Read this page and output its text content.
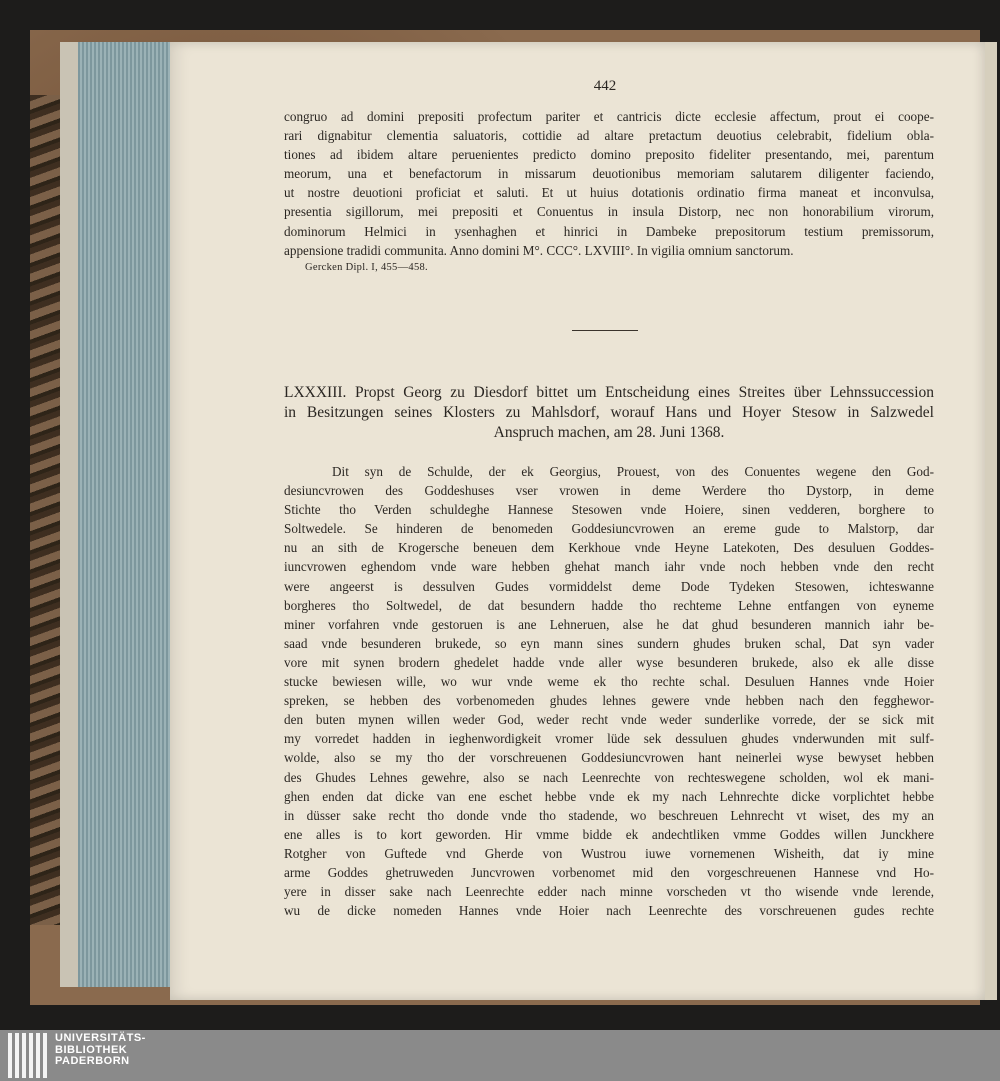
442

congruo ad domini prepositi profectum pariter et cantricis dicte ecclesie affectum, prout ei coope-

rari dignabitur clementia saluatoris, cottidie ad altare pretactum deuotius celebrabit, fidelium obla-

tiones ad ibidem altare peruenientes predicto domino preposito fideliter presentando, mei, parentum

meorum, una et benefactorum in missarum deuotionibus memoriam salutarem diligenter faciendo,

ut nostre deuotioni proficiat et saluti. Et ut huius dotationis ordinatio firma maneat et inconvulsa,

presentia sigillorum, mei prepositi et Conuentus in insula Distorp, nec non honorabilium virorum,

dominorum Helmici in ysenhaghen et hinrici in Dambeke prepositorum testium premissorum,

appensione tradidi communita. Anno domini M°. CCC°. LXVIII°. In vigilia omnium sanctorum.

Gercken Dipl. I, 455—458.
LXXXIII. Propst Georg zu Diesdorf bittet um Entscheidung eines Streites über Lehnssuccession
in Besitzungen seines Klosters zu Mahlsdorf, worauf Hans und Hoyer Stesow in Salzwedel
Anspruch machen, am 28. Juni 1368.

Dit syn de Schulde, der ek Georgius, Prouest, von des Conuentes wegene den God-

desiuncvrowen des Goddeshuses vser vrowen in deme Werdere tho Dystorp, in deme

Stichte tho Verden schuldeghe Hannese Stesowen vnde Hoiere, sinen vedderen, borghere to

Soltwedele. Se hinderen de benomeden Goddesiuncvrowen an ereme gude to Malstorp, dar

nu an sith de Krogersche beneuen dem Kerkhoue vnde Heyne Latekoten, Des desuluen Goddes-

iuncvrowen eghendom vnde ware hebben ghehat manch iahr vnde noch hebben vnde den recht

were angeerst is dessulven Gudes vormiddelst deme Dode Tydeken Stesowen, ichteswanne

borgheres tho Soltwedel, de dat besundern hadde tho rechteme Lehne entfangen von eyneme

miner vorfahren vnde gestoruen is ane Lehneruen, alse he dat ghud besunderen mannich iahr be-

saad vnde besunderen brukede, so eyn mann sines sundern ghudes bruken schal, Dat syn vader

vore mit synen brodern ghedelet hadde vnde aller wyse besunderen brukede, also ek alle disse

stucke bewiesen wille, wo wur vnde weme ek tho rechte schal. Desuluen Hannes vnde Hoier

spreken, se hebben des vorbenomeden ghudes lehnes gewere vnde hebben nach den fegghewor-

den buten mynen willen weder God, weder recht vnde weder sunderlike vorrede, der se sick mit

my vorredet hadden in ieghenwordigkeit vromer lüde sek dessuluen ghudes vnderwunden mit sulf-

wolde, also se my tho der vorschreuenen Goddesiuncvrowen hant neinerlei wyse bewyset hebben

des Ghudes Lehnes gewehre, also se nach Leenrechte von rechteswegene scholden, wol ek mani-

ghen enden dat dicke van ene eschet hebbe vnde ek my nach Lehnrechte dicke vorplichtet hebbe

in düsser sake recht tho donde vnde tho stadende, wo beschreuen Lehnrecht vt wiset, des my an

ene alles is to kort geworden. Hir vmme bidde ek andechtliken vmme Goddes willen Junckhere

Rotgher von Guftede vnd Gherde von Wustrou iuwe vornemenen Wisheith, dat iy mine

arme Goddes ghetruweden Juncvrowen vorbenomet mid den vorgeschreuenen Hannese vnd Ho-

yere in disser sake nach Leenrechte edder nach minne vorscheden vt tho wisende vnde lerende,

wu de dicke nomeden Hannes vnde Hoier nach Leenrechte des vorschreuenen gudes rechte

UNIVERSITÄTS-
BIBLIOTHEK
PADERBORN
